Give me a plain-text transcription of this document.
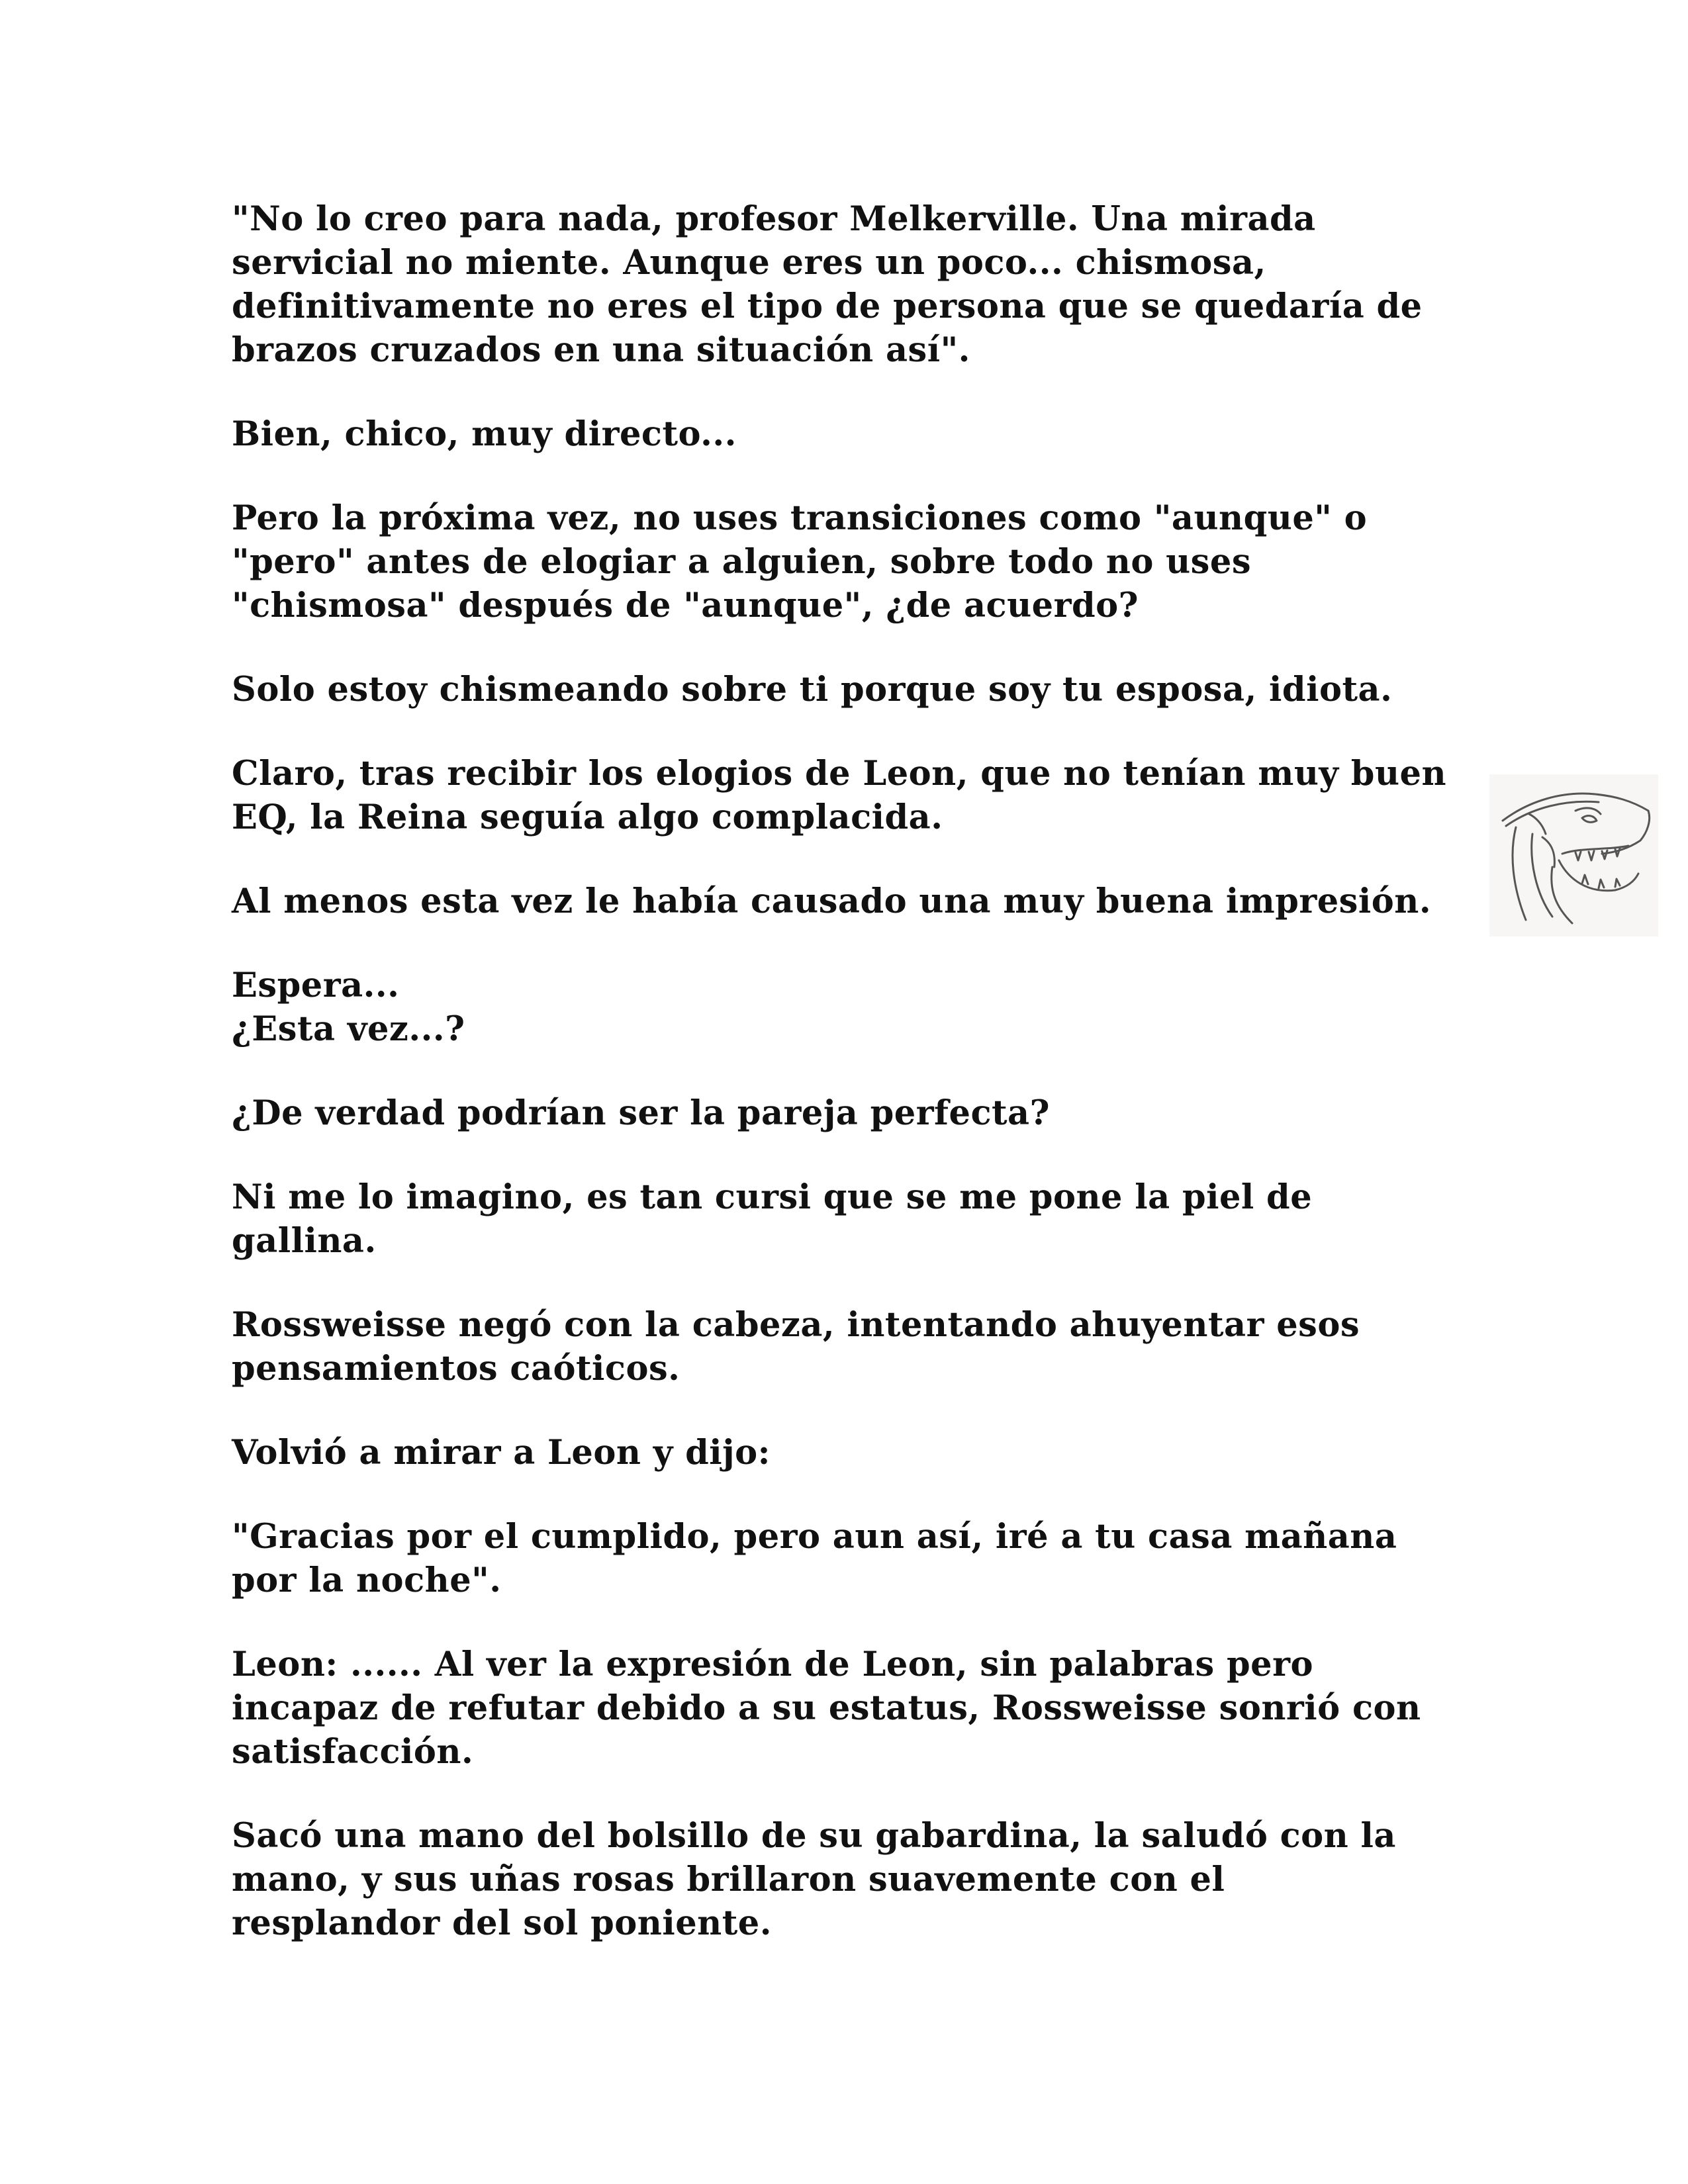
"No lo creo para nada, profesor Melkerville. Una mirada
servicial no miente. Aunque eres un poco... chismosa,
definitivamente no eres el tipo de persona que se quedaría de
brazos cruzados en una situación así".

Bien, chico, muy directo...

Pero la próxima vez, no uses transiciones como "aunque" o
"pero" antes de elogiar a alguien, sobre todo no uses
"chismosa" después de "aunque", ¿de acuerdo?

Solo estoy chismeando sobre ti porque soy tu esposa, idiota.

Claro, tras recibir los elogios de Leon, que no tenían muy buen
EQ, la Reina seguía algo complacida.

Al menos esta vez le había causado una muy buena impresión.

Espera...
¿Esta vez...?

¿De verdad podrían ser la pareja perfecta?

Ni me lo imagino, es tan cursi que se me pone la piel de gallina.

Rossweisse negó con la cabeza, intentando ahuyentar esos
pensamientos caóticos.

Volvió a mirar a Leon y dijo:

"Gracias por el cumplido, pero aun así, iré a tu casa mañana
por la noche".

Leon: ...... Al ver la expresión de Leon, sin palabras pero
incapaz de refutar debido a su estatus, Rossweisse sonrió con
satisfacción.

Sacó una mano del bolsillo de su gabardina, la saludó con la
mano, y sus uñas rosas brillaron suavemente con el
resplandor del sol poniente.
